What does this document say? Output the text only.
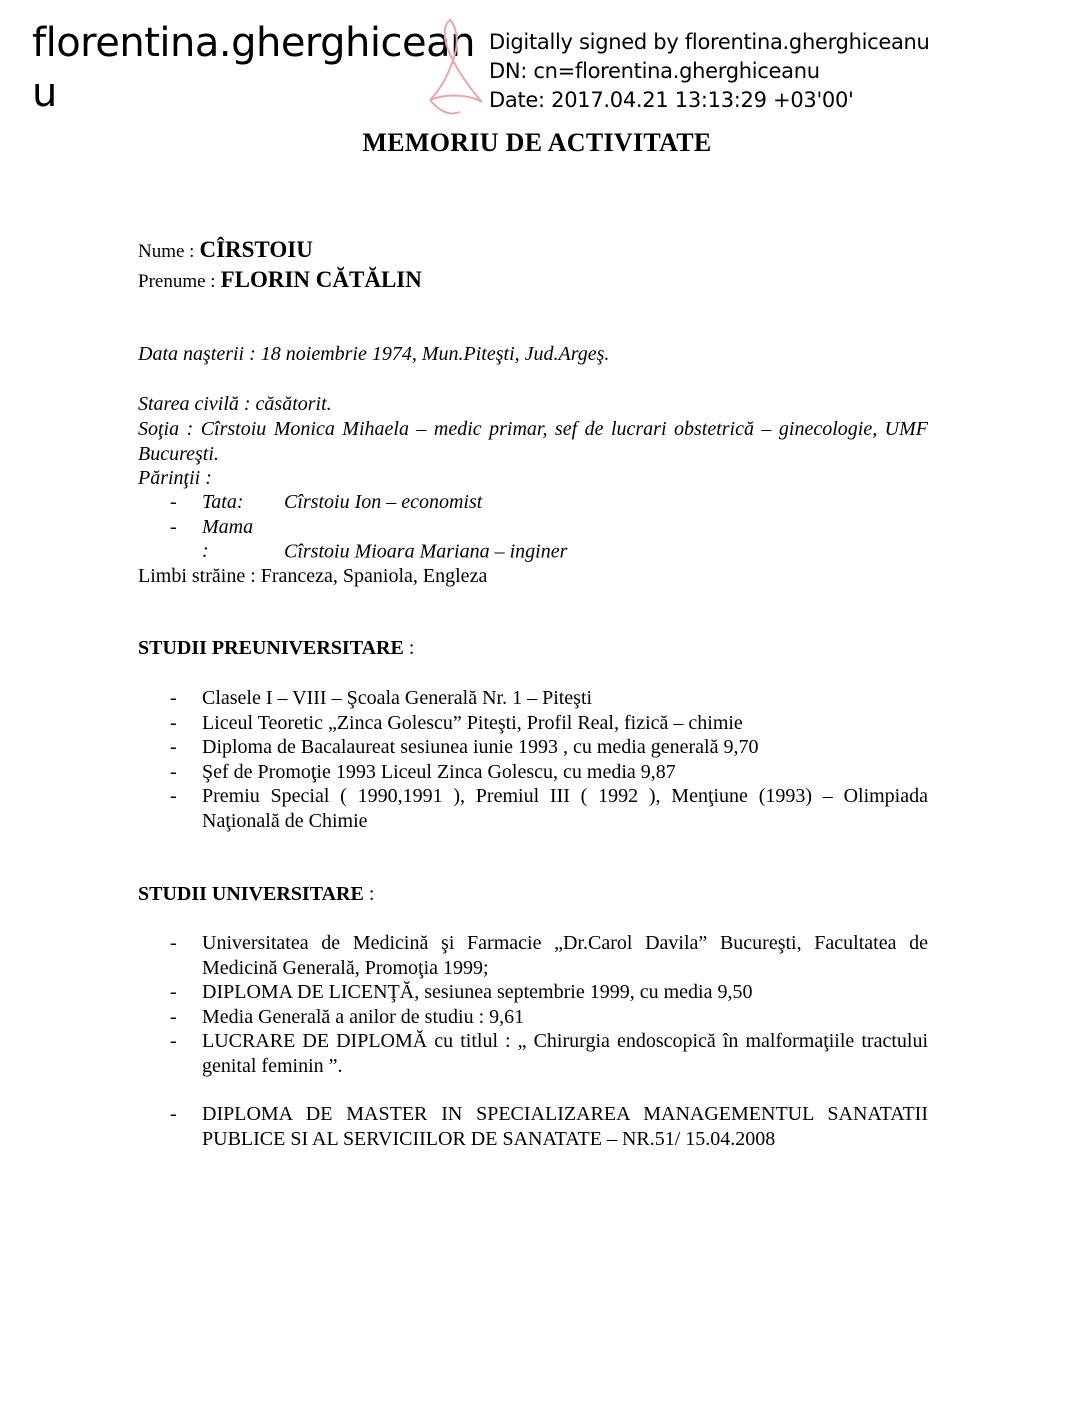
florentina.gherghicean
u
Digitally signed by florentina.gherghiceanu
DN: cn=florentina.gherghiceanu
Date: 2017.04.21 13:13:29 +03'00'
MEMORIU DE ACTIVITATE
Nume : CÎRSTOIU
Prenume : FLORIN CĂTĂLIN
Data naşterii : 18 noiembrie 1974, Mun.Piteşti, Jud.Argeş.
Starea civilă : căsătorit.
Soţia : Cîrstoiu Monica Mihaela – medic primar, sef de lucrari obstetrică – ginecologie, UMF Bucureşti.
Părinţii :
- Tata: Cîrstoiu Ion – economist
- Mama :	Cîrstoiu Mioara Mariana – inginer
Limbi străine : Franceza, Spaniola, Engleza
STUDII PREUNIVERSITARE :
- Clasele I – VIII – Şcoala Generală Nr. 1 – Piteşti
- Liceul Teoretic „Zinca Golescu” Piteşti, Profil Real, fizică – chimie
- Diploma de Bacalaureat sesiunea iunie 1993 , cu media generală 9,70
- Şef de Promoţie 1993 Liceul Zinca Golescu, cu media 9,87
- Premiu Special ( 1990,1991 ), Premiul III ( 1992 ), Menţiune (1993) – Olimpiada Naţională de Chimie
STUDII UNIVERSITARE :
- Universitatea de Medicină şi Farmacie „Dr.Carol Davila” Bucureşti, Facultatea de Medicină Generală, Promoţia 1999;
- DIPLOMA DE LICENŢĂ, sesiunea septembrie 1999, cu media 9,50
- Media Generală a anilor de studiu : 9,61
- LUCRARE DE DIPLOMĂ cu titlul : „ Chirurgia endoscopică în malformaţiile tractului genital feminin ”.
- DIPLOMA DE MASTER IN SPECIALIZAREA MANAGEMENTUL SANATATII PUBLICE SI AL SERVICIILOR DE SANATATE – NR.51/ 15.04.2008
